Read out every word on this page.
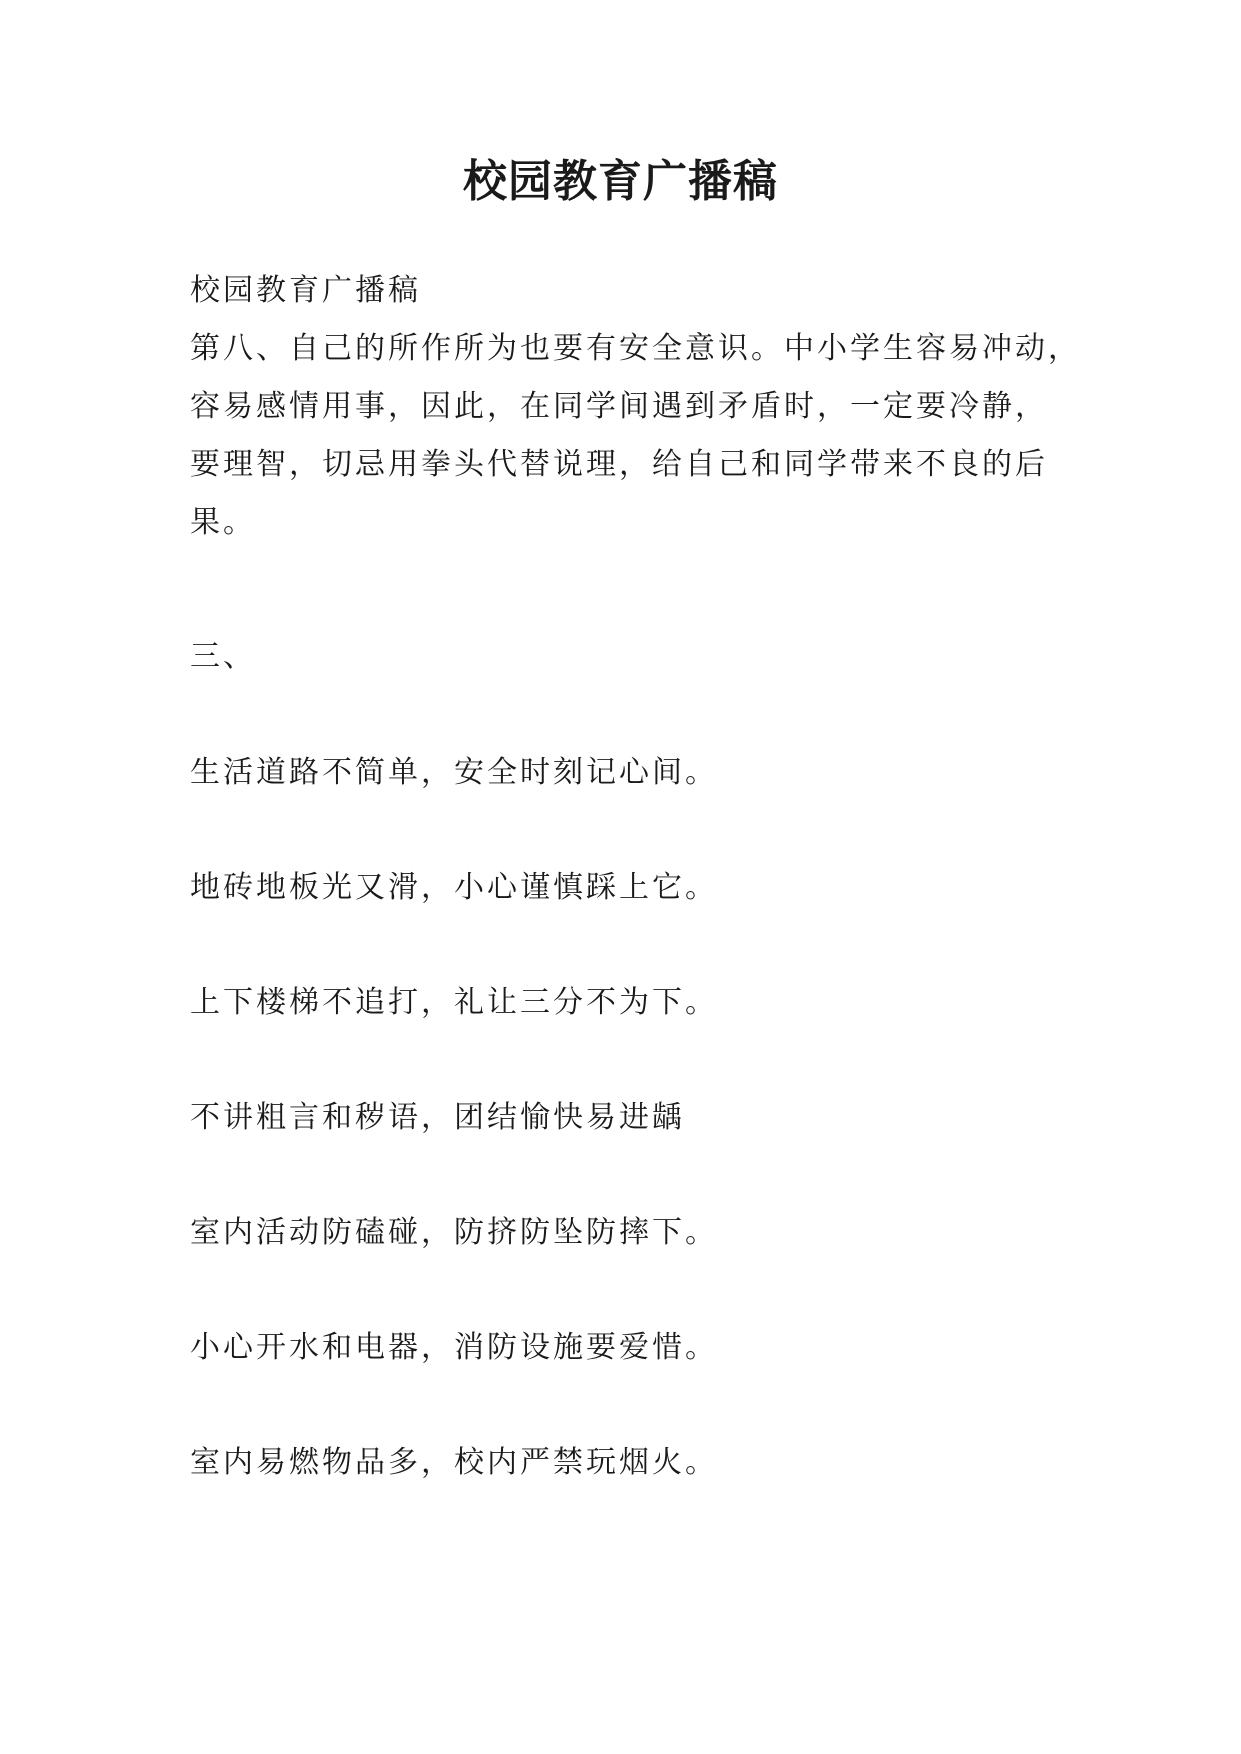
校园教育广播稿

校园教育广播稿

第八、自己的所作所为也要有安全意识。中小学生容易冲动，

容易感情用事，因此，在同学间遇到矛盾时，一定要冷静，

要理智，切忌用拳头代替说理，给自己和同学带来不良的后

果。

三、

生活道路不简单，安全时刻记心间。

地砖地板光又滑，小心谨慎踩上它。

上下楼梯不追打，礼让三分不为下。

不讲粗言和秽语，团结愉快易进龋

室内活动防磕碰，防挤防坠防摔下。

小心开水和电器，消防设施要爱惜。

室内易燃物品多，校内严禁玩烟火。
